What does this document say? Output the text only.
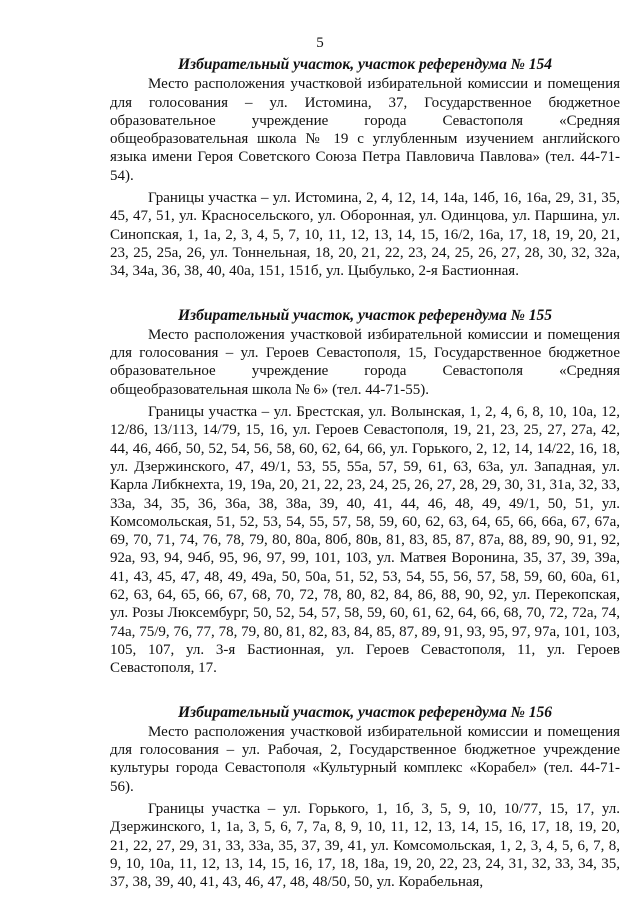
5
Избирательный участок, участок референдума № 154

Место расположения участковой избирательной комиссии и помещения для голосования – ул. Истомина, 37, Государственное бюджетное образовательное учреждение города Севастополя «Средняя общеобразовательная школа № 19 с углубленным изучением английского языка имени Героя Советского Союза Петра Павловича Павлова» (тел. 44-71-54).

Границы участка – ул. Истомина, 2, 4, 12, 14, 14а, 14б, 16, 16а, 29, 31, 35, 45, 47, 51, ул. Красносельского, ул. Оборонная, ул. Одинцова, ул. Паршина, ул. Синопская, 1, 1а, 2, 3, 4, 5, 7, 10, 11, 12, 13, 14, 15, 16/2, 16а, 17, 18, 19, 20, 21, 23, 25, 25а, 26, ул. Тоннельная, 18, 20, 21, 22, 23, 24, 25, 26, 27, 28, 30, 32, 32а, 34, 34а, 36, 38, 40, 40а, 151, 151б, ул. Цыбулько, 2-я Бастионная.

Избирательный участок, участок референдума № 155

Место расположения участковой избирательной комиссии и помещения для голосования – ул. Героев Севастополя, 15, Государственное бюджетное образовательное учреждение города Севастополя «Средняя общеобразовательная школа № 6» (тел. 44-71-55).

Границы участка – ул. Брестская, ул. Волынская, 1, 2, 4, 6, 8, 10, 10а, 12, 12/86, 13/113, 14/79, 15, 16, ул. Героев Севастополя, 19, 21, 23, 25, 27, 27а, 42, 44, 46, 46б, 50, 52, 54, 56, 58, 60, 62, 64, 66, ул. Горького, 2, 12, 14, 14/22, 16, 18, ул. Дзержинского, 47, 49/1, 53, 55, 55а, 57, 59, 61, 63, 63а, ул. Западная, ул. Карла Либкнехта, 19, 19а, 20, 21, 22, 23, 24, 25, 26, 27, 28, 29, 30, 31, 31а, 32, 33, 33а, 34, 35, 36, 36а, 38, 38а, 39, 40, 41, 44, 46, 48, 49, 49/1, 50, 51, ул. Комсомольская, 51, 52, 53, 54, 55, 57, 58, 59, 60, 62, 63, 64, 65, 66, 66а, 67, 67а, 69, 70, 71, 74, 76, 78, 79, 80, 80а, 80б, 80в, 81, 83, 85, 87, 87а, 88, 89, 90, 91, 92, 92а, 93, 94, 94б, 95, 96, 97, 99, 101, 103, ул. Матвея Воронина, 35, 37, 39, 39а, 41, 43, 45, 47, 48, 49, 49а, 50, 50а, 51, 52, 53, 54, 55, 56, 57, 58, 59, 60, 60а, 61, 62, 63, 64, 65, 66, 67, 68, 70, 72, 78, 80, 82, 84, 86, 88, 90, 92, ул. Перекопская, ул. Розы Люксембург, 50, 52, 54, 57, 58, 59, 60, 61, 62, 64, 66, 68, 70, 72, 72а, 74, 74а, 75/9, 76, 77, 78, 79, 80, 81, 82, 83, 84, 85, 87, 89, 91, 93, 95, 97, 97а, 101, 103, 105, 107, ул. 3-я Бастионная, ул. Героев Севастополя, 11, ул. Героев Севастополя, 17.

Избирательный участок, участок референдума № 156

Место расположения участковой избирательной комиссии и помещения для голосования – ул. Рабочая, 2, Государственное бюджетное учреждение культуры города Севастополя «Культурный комплекс «Корабел» (тел. 44-71-56).

Границы участка – ул. Горького, 1, 1б, 3, 5, 9, 10, 10/77, 15, 17, ул. Дзержинского, 1, 1а, 3, 5, 6, 7, 7а, 8, 9, 10, 11, 12, 13, 14, 15, 16, 17, 18, 19, 20, 21, 22, 27, 29, 31, 33, 33а, 35, 37, 39, 41, ул. Комсомольская, 1, 2, 3, 4, 5, 6, 7, 8, 9, 10, 10а, 11, 12, 13, 14, 15, 16, 17, 18, 18а, 19, 20, 22, 23, 24, 31, 32, 33, 34, 35, 37, 38, 39, 40, 41, 43, 46, 47, 48, 48/50, 50, ул. Корабельная,
